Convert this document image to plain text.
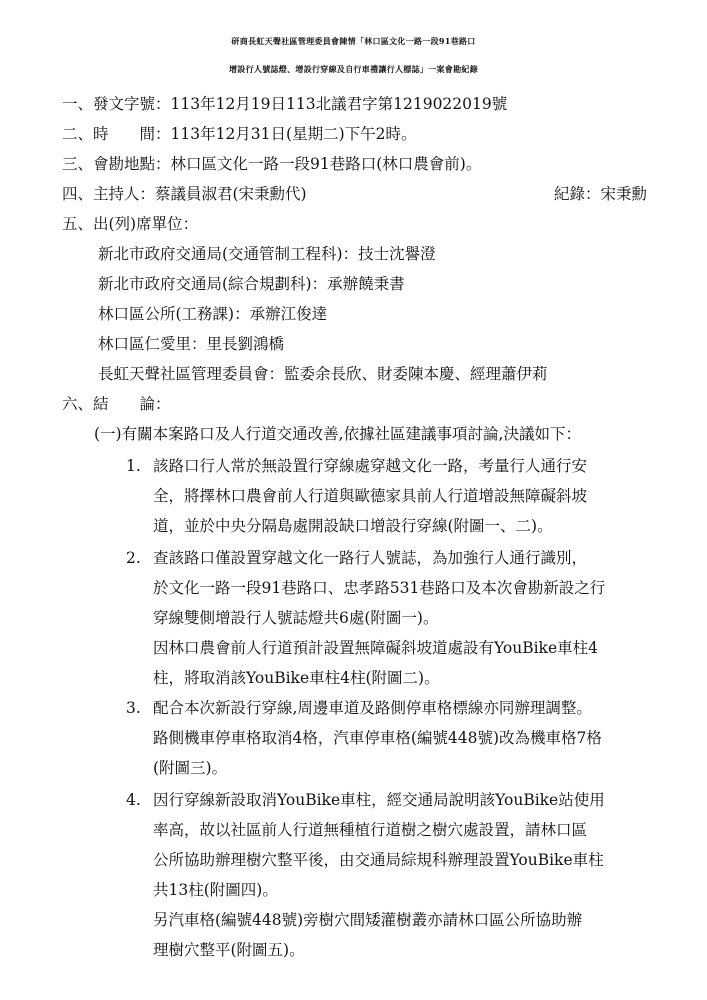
研商長虹天聲社區管理委員會陳情「林口區文化一路一段91巷路口
增設行人號誌燈、增設行穿線及自行車禮讓行人標誌」一案會勘紀錄
一、發文字號：113年12月19日113北議君字第1219022019號
二、時　　間：113年12月31日(星期二)下午2時。
三、會勘地點：林口區文化一路一段91巷路口(林口農會前)。
四、主持人：蔡議員淑君(宋秉勳代)	紀錄：宋秉勳
五、出(列)席單位：
新北市政府交通局(交通管制工程科)：技士沈譽澄
新北市政府交通局(綜合規劃科)：承辦饒秉書
林口區公所(工務課)：承辦江俊達
林口區仁愛里：里長劉鴻橋
長虹天聲社區管理委員會：監委余長欣、財委陳本慶、經理蕭伊莉
六、結　　論：
(一)有關本案路口及人行道交通改善,依據社區建議事項討論,決議如下：
1. 該路口行人常於無設置行穿線處穿越文化一路，考量行人通行安
全，將擇林口農會前人行道與歐德家具前人行道增設無障礙斜坡
道，並於中央分隔島處開設缺口增設行穿線(附圖一、二)。
2. 查該路口僅設置穿越文化一路行人號誌，為加強行人通行識別，
於文化一路一段91巷路口、忠孝路531巷路口及本次會勘新設之行
穿線雙側增設行人號誌燈共6處(附圖一)。
因林口農會前人行道預計設置無障礙斜坡道處設有YouBike車柱4
柱，將取消該YouBike車柱4柱(附圖二)。
3. 配合本次新設行穿線,周邊車道及路側停車格標線亦同辦理調整。
路側機車停車格取消4格，汽車停車格(編號448號)改為機車格7格
(附圖三)。
4. 因行穿線新設取消YouBike車柱，經交通局說明該YouBike站使用
率高，故以社區前人行道無種植行道樹之樹穴處設置，請林口區
公所協助辦理樹穴整平後，由交通局綜規科辦理設置YouBike車柱
共13柱(附圖四)。
另汽車格(編號448號)旁樹穴間矮灌樹叢亦請林口區公所協助辦
理樹穴整平(附圖五)。
